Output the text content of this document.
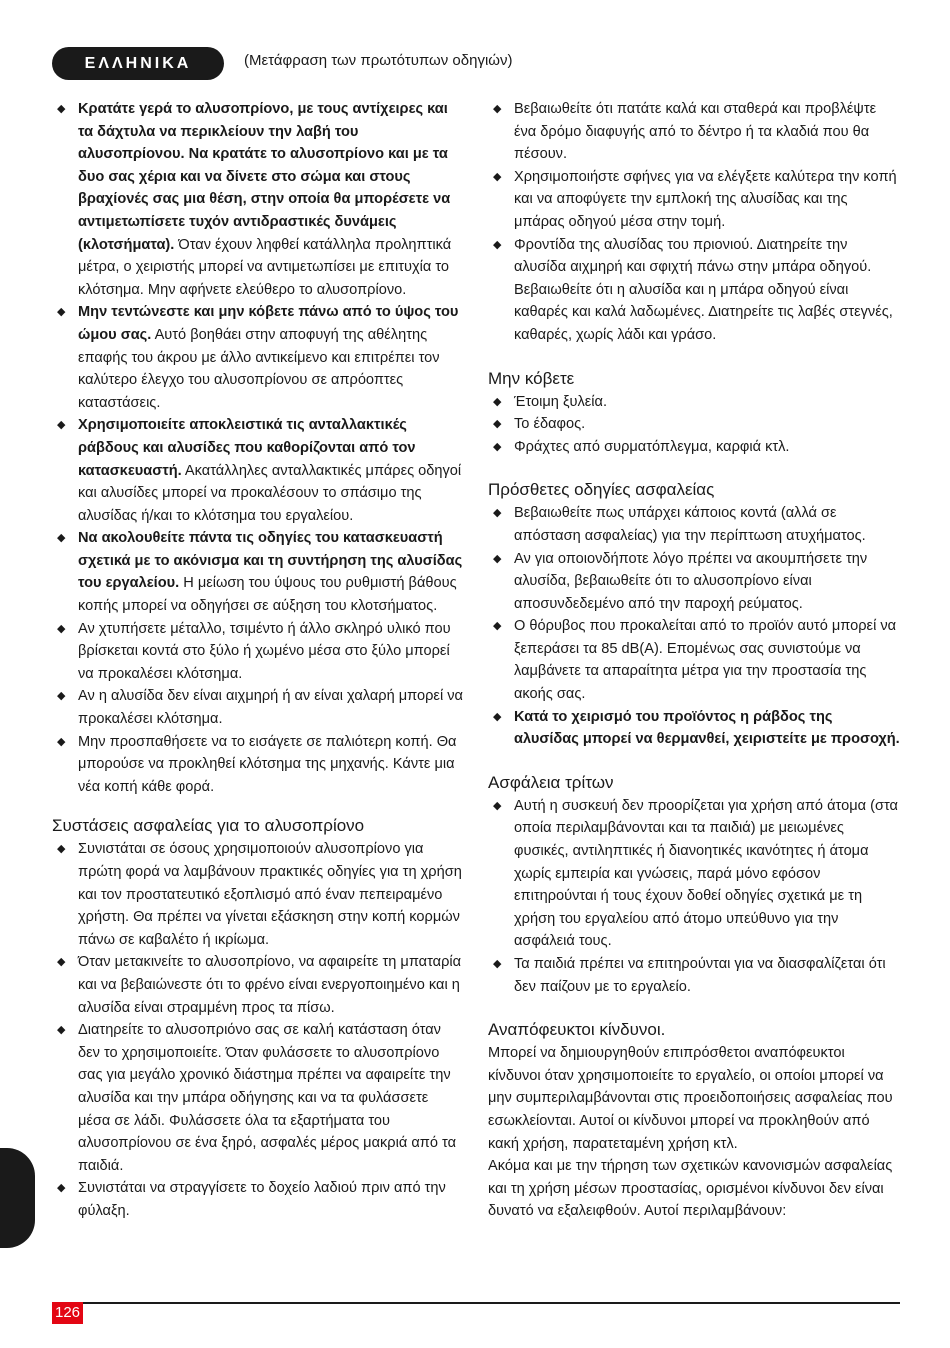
ΕΛΛΗΝΙΚΑ	(Μετάφραση των πρωτότυπων οδηγιών)
◆ Κρατάτε γερά το αλυσοπρίονο, με τους αντίχειρες και τα δάχτυλα να περικλείουν την λαβή του αλυσοπρίονου. Να κρατάτε το αλυσοπρίονο και με τα δυο σας χέρια και να δίνετε στο σώμα και στους βραχίονές σας μια θέση, στην οποία θα μπορέσετε να αντιμετωπίσετε τυχόν αντιδραστικές δυνάμεις (κλοτσήματα). Όταν έχουν ληφθεί κατάλληλα προληπτικά μέτρα, ο χειριστής μπορεί να αντιμετωπίσει με επιτυχία το κλότσημα. Μην αφήνετε ελεύθερο το αλυσοπρίονο.
◆ Μην τεντώνεστε και μην κόβετε πάνω από το ύψος του ώμου σας. Αυτό βοηθάει στην αποφυγή της αθέλητης επαφής του άκρου με άλλο αντικείμενο και επιτρέπει τον καλύτερο έλεγχο του αλυσοπρίονου σε απρόοπτες καταστάσεις.
◆ Χρησιμοποιείτε αποκλειστικά τις ανταλλακτικές ράβδους και αλυσίδες που καθορίζονται από τον κατασκευαστή. Ακατάλληλες ανταλλακτικές μπάρες οδηγοί και αλυσίδες μπορεί να προκαλέσουν το σπάσιμο της αλυσίδας ή/και το κλότσημα του εργαλείου.
◆ Να ακολουθείτε πάντα τις οδηγίες του κατασκευαστή σχετικά με το ακόνισμα και τη συντήρηση της αλυσίδας του εργαλείου. Η μείωση του ύψους του ρυθμιστή βάθους κοπής μπορεί να οδηγήσει σε αύξηση του κλοτσήματος.
◆ Αν χτυπήσετε μέταλλο, τσιμέντο ή άλλο σκληρό υλικό που βρίσκεται κοντά στο ξύλο ή χωμένο μέσα στο ξύλο μπορεί να προκαλέσει κλότσημα.
◆ Αν η αλυσίδα δεν είναι αιχμηρή ή αν είναι χαλαρή μπορεί να προκαλέσει κλότσημα.
◆ Μην προσπαθήσετε να το εισάγετε σε παλιότερη κοπή. Θα μπορούσε να προκληθεί κλότσημα της μηχανής. Κάντε μια νέα κοπή κάθε φορά.
Συστάσεις ασφαλείας για το αλυσοπρίονο
◆ Συνιστάται σε όσους χρησιμοποιούν αλυσοπρίονο για πρώτη φορά να λαμβάνουν πρακτικές οδηγίες για τη χρήση και τον προστατευτικό εξοπλισμό από έναν πεπειραμένο χρήστη. Θα πρέπει να γίνεται εξάσκηση στην κοπή κορμών πάνω σε καβαλέτο ή ικρίωμα.
◆ Όταν μετακινείτε το αλυσοπρίονο, να αφαιρείτε τη μπαταρία και να βεβαιώνεστε ότι το φρένο είναι ενεργοποιημένο και η αλυσίδα είναι στραμμένη προς τα πίσω.
◆ Διατηρείτε το αλυσοπριόνο σας σε καλή κατάσταση όταν δεν το χρησιμοποιείτε. Όταν φυλάσσετε το αλυσοπρίονο σας για μεγάλο χρονικό διάστημα πρέπει να αφαιρείτε την αλυσίδα και την μπάρα οδήγησης και να τα φυλάσσετε μέσα σε λάδι. Φυλάσσετε όλα τα εξαρτήματα του αλυσοπρίονου σε ένα ξηρό, ασφαλές μέρος μακριά από τα παιδιά.
◆ Συνιστάται να στραγγίσετε το δοχείο λαδιού πριν από την φύλαξη.
◆ Βεβαιωθείτε ότι πατάτε καλά και σταθερά και προβλέψτε ένα δρόμο διαφυγής από το δέντρο ή τα κλαδιά που θα πέσουν.
◆ Χρησιμοποιήστε σφήνες για να ελέγξετε καλύτερα την κοπή και να αποφύγετε την εμπλοκή της αλυσίδας και της μπάρας οδηγού μέσα στην τομή.
◆ Φροντίδα της αλυσίδας του πριονιού. Διατηρείτε την αλυσίδα αιχμηρή και σφιχτή πάνω στην μπάρα οδηγού. Βεβαιωθείτε ότι η αλυσίδα και η μπάρα οδηγού είναι καθαρές και καλά λαδωμένες. Διατηρείτε τις λαβές στεγνές, καθαρές, χωρίς λάδι και γράσο.
Μην κόβετε
◆ Έτοιμη ξυλεία.
◆ Το έδαφος.
◆ Φράχτες από συρματόπλεγμα, καρφιά κτλ.
Πρόσθετες οδηγίες ασφαλείας
◆ Βεβαιωθείτε πως υπάρχει κάποιος κοντά (αλλά σε απόσταση ασφαλείας) για την περίπτωση ατυχήματος.
◆ Αν για οποιονδήποτε λόγο πρέπει να ακουμπήσετε την αλυσίδα, βεβαιωθείτε ότι το αλυσοπρίονο είναι αποσυνδεδεμένο από την παροχή ρεύματος.
◆ Ο θόρυβος που προκαλείται από το προϊόν αυτό μπορεί να ξεπεράσει τα 85 dB(A). Επομένως σας συνιστούμε να λαμβάνετε τα απαραίτητα μέτρα για την προστασία της ακοής σας.
◆ Κατά το χειρισμό του προϊόντος η ράβδος της αλυσίδας μπορεί να θερμανθεί, χειριστείτε με προσοχή.
Ασφάλεια τρίτων
◆ Αυτή η συσκευή δεν προορίζεται για χρήση από άτομα (στα οποία περιλαμβάνονται και τα παιδιά) με μειωμένες φυσικές, αντιληπτικές ή διανοητικές ικανότητες ή άτομα χωρίς εμπειρία και γνώσεις, παρά μόνο εφόσον επιτηρούνται ή τους έχουν δοθεί οδηγίες σχετικά με τη χρήση του εργαλείου από άτομο υπεύθυνο για την ασφάλειά τους.
◆ Τα παιδιά πρέπει να επιτηρούνται για να διασφαλίζεται ότι δεν παίζουν με το εργαλείο.
Αναπόφευκτοι κίνδυνοι.

Μπορεί να δημιουργηθούν επιπρόσθετοι αναπόφευκτοι κίνδυνοι όταν χρησιμοποιείτε το εργαλείο, οι οποίοι μπορεί να μην συμπεριλαμβάνονται στις προειδοποιήσεις ασφαλείας που εσωκλείονται. Αυτοί οι κίνδυνοι μπορεί να προκληθούν από κακή χρήση, παρατεταμένη χρήση κτλ.

Ακόμα και με την τήρηση των σχετικών κανονισμών ασφαλείας και τη χρήση μέσων προστασίας, ορισμένοι κίνδυνοι δεν είναι δυνατό να εξαλειφθούν. Αυτοί περιλαμβάνουν:

126
